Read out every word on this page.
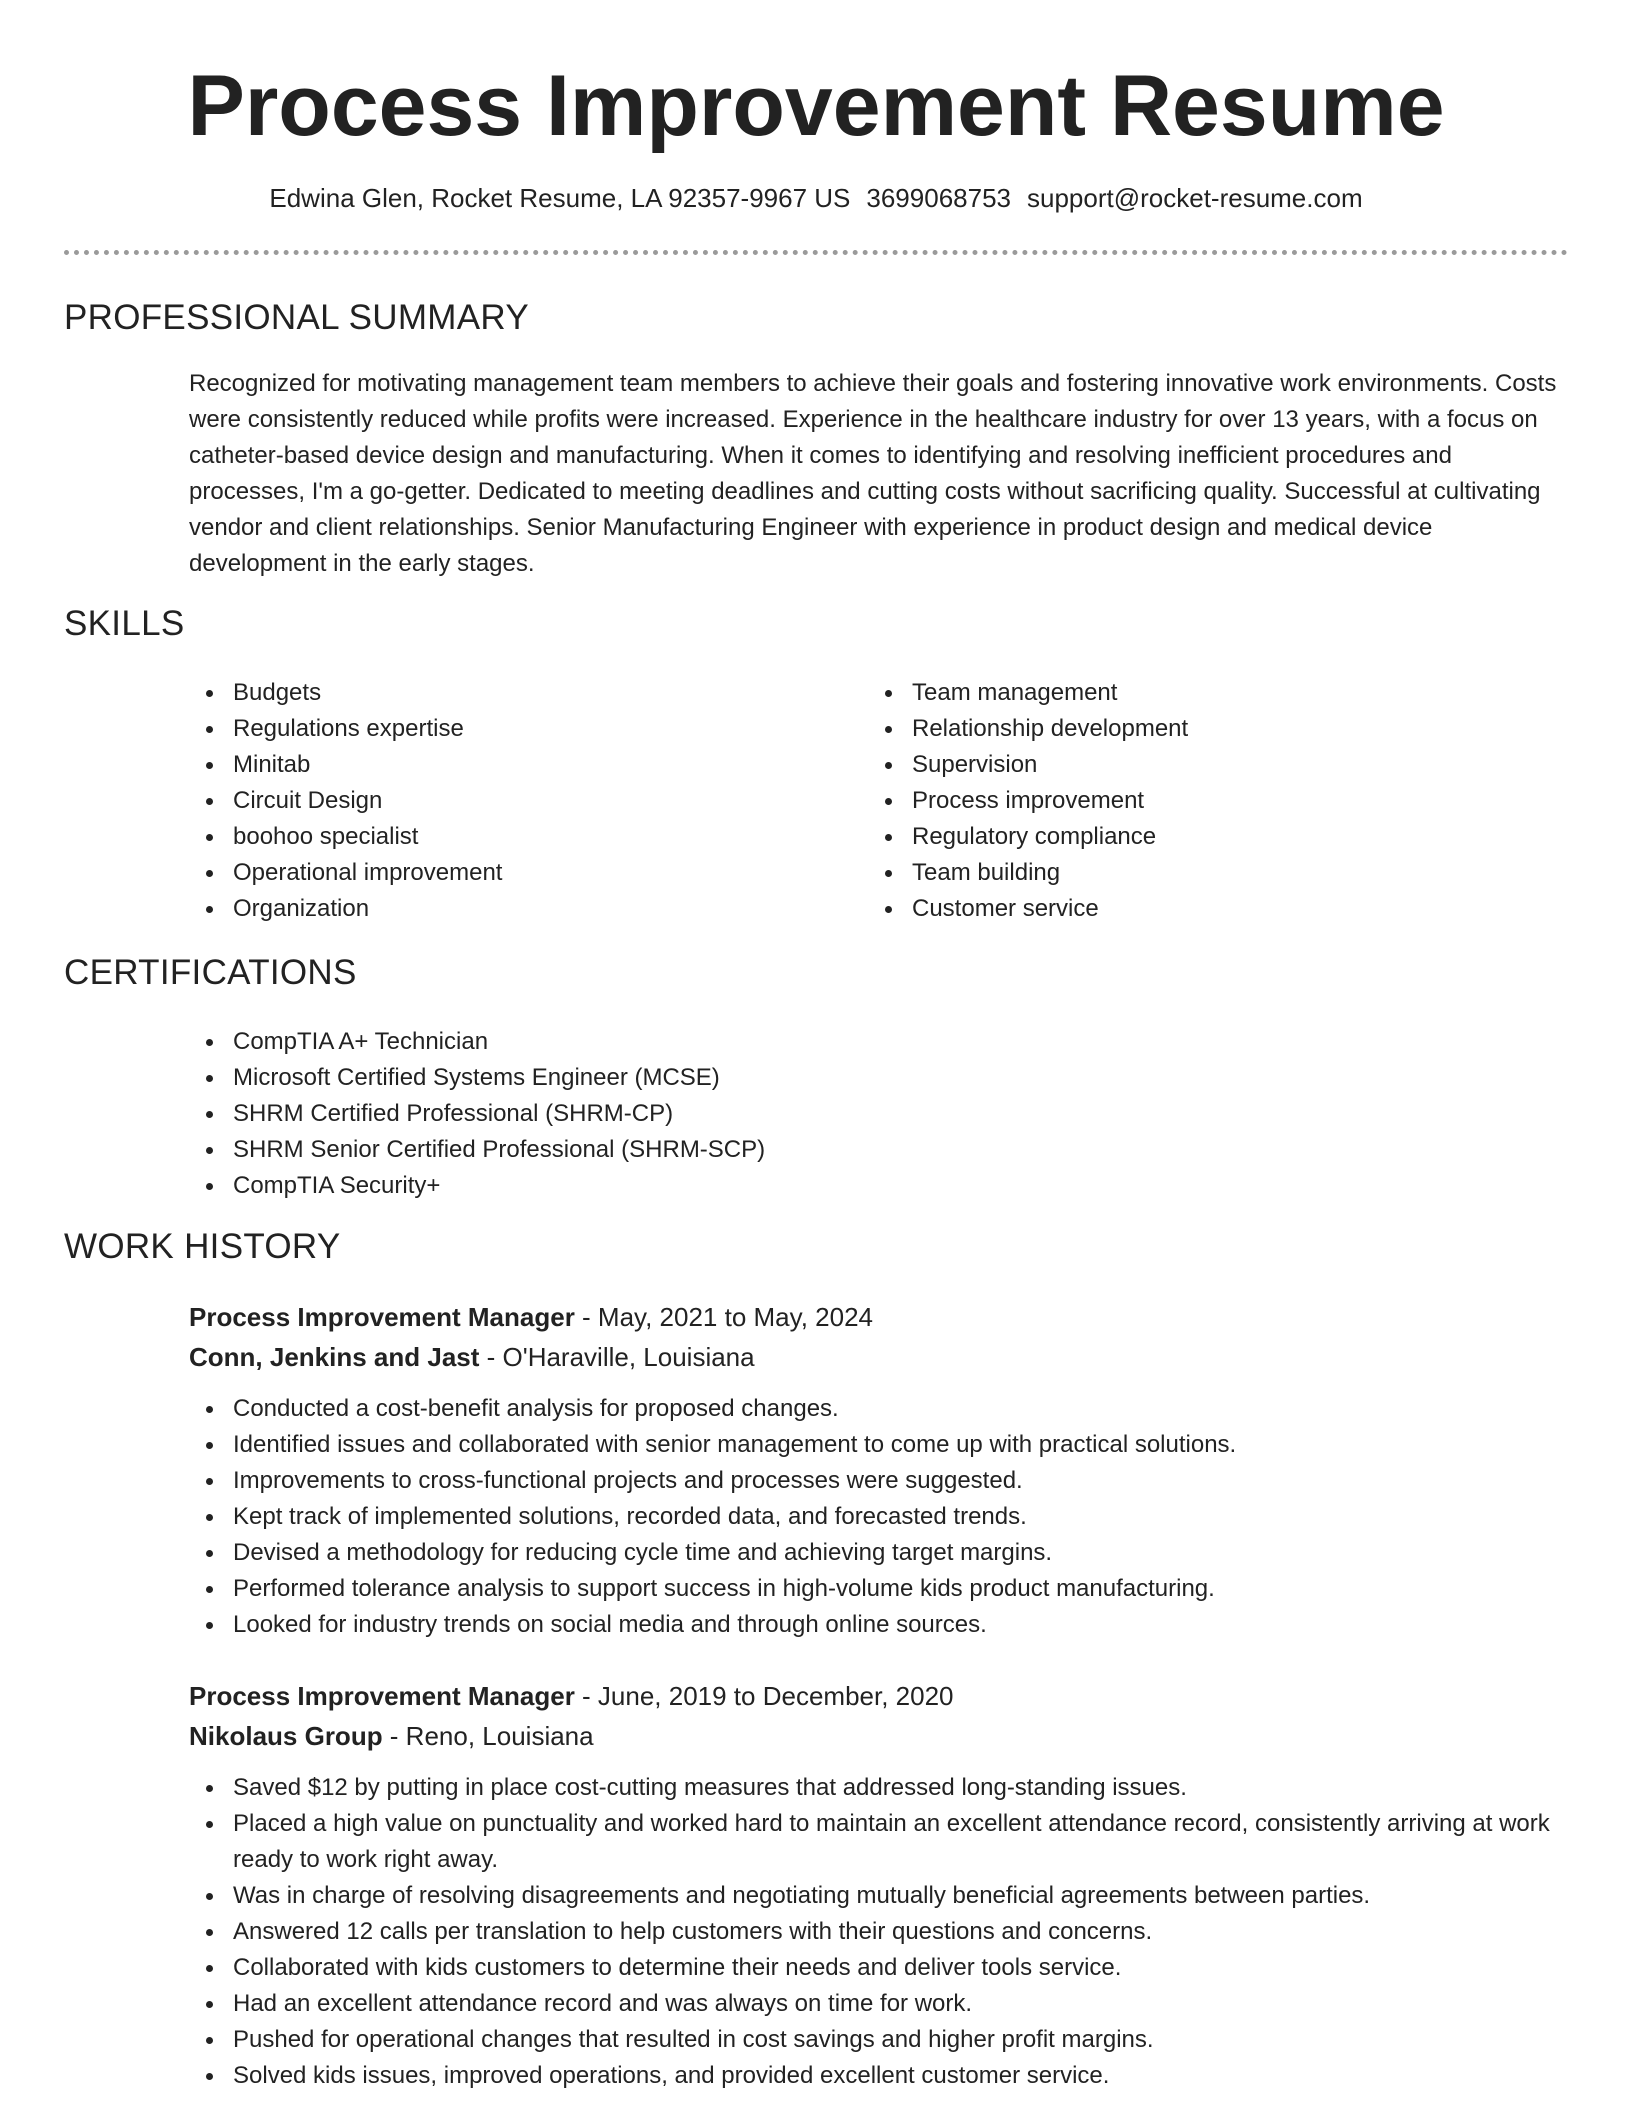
Process Improvement Resume
Edwina Glen, Rocket Resume, LA 92357-9967 US 3699068753 support@rocket-resume.com
PROFESSIONAL SUMMARY

Recognized for motivating management team members to achieve their goals and fostering innovative work environments. Costs were consistently reduced while profits were increased. Experience in the healthcare industry for over 13 years, with a focus on catheter-based device design and manufacturing. When it comes to identifying and resolving inefficient procedures and processes, I'm a go-getter. Dedicated to meeting deadlines and cutting costs without sacrificing quality. Successful at cultivating vendor and client relationships. Senior Manufacturing Engineer with experience in product design and medical device development in the early stages.

SKILLS
Budgets
Regulations expertise
Minitab
Circuit Design
boohoo specialist
Operational improvement
Organization
Team management
Relationship development
Supervision
Process improvement
Regulatory compliance
Team building
Customer service
CERTIFICATIONS
CompTIA A+ Technician
Microsoft Certified Systems Engineer (MCSE)
SHRM Certified Professional (SHRM-CP)
SHRM Senior Certified Professional (SHRM-SCP)
CompTIA Security+
WORK HISTORY
Process Improvement Manager - May, 2021 to May, 2024
Conn, Jenkins and Jast - O'Haraville, Louisiana
Conducted a cost-benefit analysis for proposed changes.
Identified issues and collaborated with senior management to come up with practical solutions.
Improvements to cross-functional projects and processes were suggested.
Kept track of implemented solutions, recorded data, and forecasted trends.
Devised a methodology for reducing cycle time and achieving target margins.
Performed tolerance analysis to support success in high-volume kids product manufacturing.
Looked for industry trends on social media and through online sources.
Process Improvement Manager - June, 2019 to December, 2020
Nikolaus Group - Reno, Louisiana
Saved $12 by putting in place cost-cutting measures that addressed long-standing issues.
Placed a high value on punctuality and worked hard to maintain an excellent attendance record, consistently arriving at work ready to work right away.
Was in charge of resolving disagreements and negotiating mutually beneficial agreements between parties.
Answered 12 calls per translation to help customers with their questions and concerns.
Collaborated with kids customers to determine their needs and deliver tools service.
Had an excellent attendance record and was always on time for work.
Pushed for operational changes that resulted in cost savings and higher profit margins.
Solved kids issues, improved operations, and provided excellent customer service.
